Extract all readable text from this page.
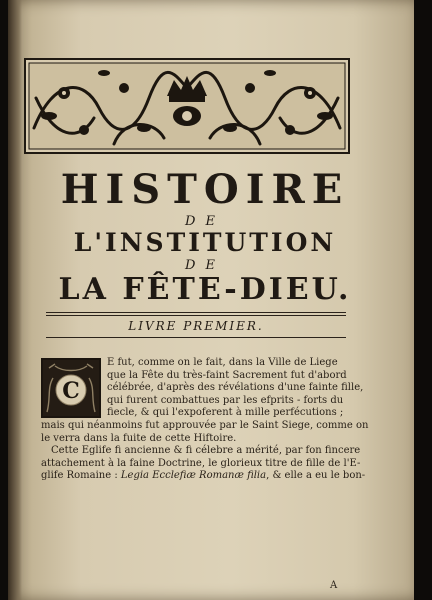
HISTOIRE
DE
L'INSTITUTION
DE
LA FÊTE-DIEU.
LIVRE PREMIER.
C
E fut, comme on le fait, dans la Ville de Liege
que la Fête du très-faint Sacrement fut d'abord
célébrée, d'après des révélations d'une fainte fille,
qui furent combattues par les efprits - forts du
fiecle, & qui l'expoferent à mille perfécutions ;
mais qui néanmoins fut approuvée par le Saint Siege, comme on
le verra dans la fuite de cette Hiftoire.
Cette Eglife fi ancienne & fi célebre a mérité, par fon fincere
attachement à la faine Doctrine, le glorieux titre de fille de l'E-
glife Romaine : Legia Ecclefiæ Romanæ filia, & elle a eu le bon-
A
